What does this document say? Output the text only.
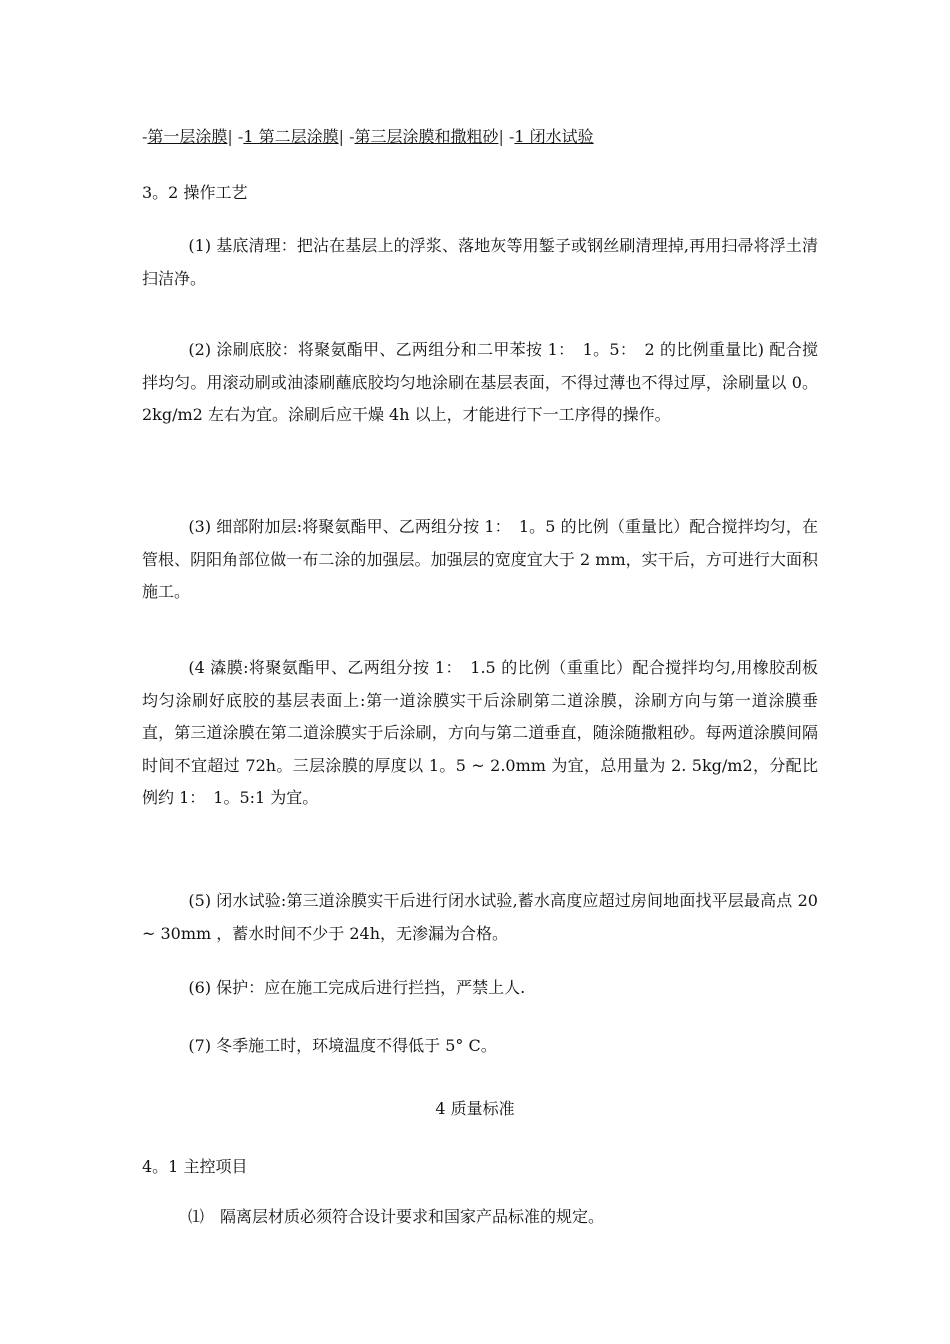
-第一层涂膜| -1 第二层涂膜| -第三层涂膜和撒粗砂| -1 闭水试验
3。2 操作工艺

(1) 基底清理：把沾在基层上的浮浆、落地灰等用錾子或钢丝刷清理掉,再用扫帚将浮土清扫洁净。

(2) 涂刷底胶：将聚氨酯甲、乙两组分和二甲苯按 1：　1。5：　2 的比例重量比) 配合搅拌均匀。用滚动刷或油漆刷蘸底胶均匀地涂刷在基层表面，不得过薄也不得过厚，涂刷量以 0。2kg/m2 左右为宜。涂刷后应干燥 4h 以上，才能进行下一工序得的操作。

(3) 细部附加层:将聚氨酯甲、乙两组分按 1：　1。5 的比例（重量比）配合搅拌均匀，在管根、阴阳角部位做一布二涂的加强层。加强层的宽度宜大于 2 mm，实干后，方可进行大面积施工。

(4 潹膜:将聚氨酯甲、乙两组分按 1：　1.5 的比例（重重比）配合搅拌均匀,用橡胶刮板均匀涂刷好底胶的基层表面上:第一道涂膜实干后涂刷第二道涂膜，涂刷方向与第一道涂膜垂直，第三道涂膜在第二道涂膜实于后涂刷，方向与第二道垂直，随涂随撒粗砂。每两道涂膜间隔时间不宜超过 72h。三层涂膜的厚度以 1。5 ~ 2.0mm 为宜，总用量为 2. 5kg/m2，分配比例约 1：　1。5:1 为宜。

(5) 闭水试验:第三道涂膜实干后进行闭水试验,蓄水高度应超过房间地面找平层最高点 20 ~ 30mm ，蓄水时间不少于 24h，无渗漏为合格。

(6) 保护：应在施工完成后进行拦挡，严禁上人.

(7) 冬季施工时，环境温度不得低于 5° C。

4 质量标准
4。1 主控项目
⑴　隔离层材质必须符合设计要求和国家产品标准的规定。
